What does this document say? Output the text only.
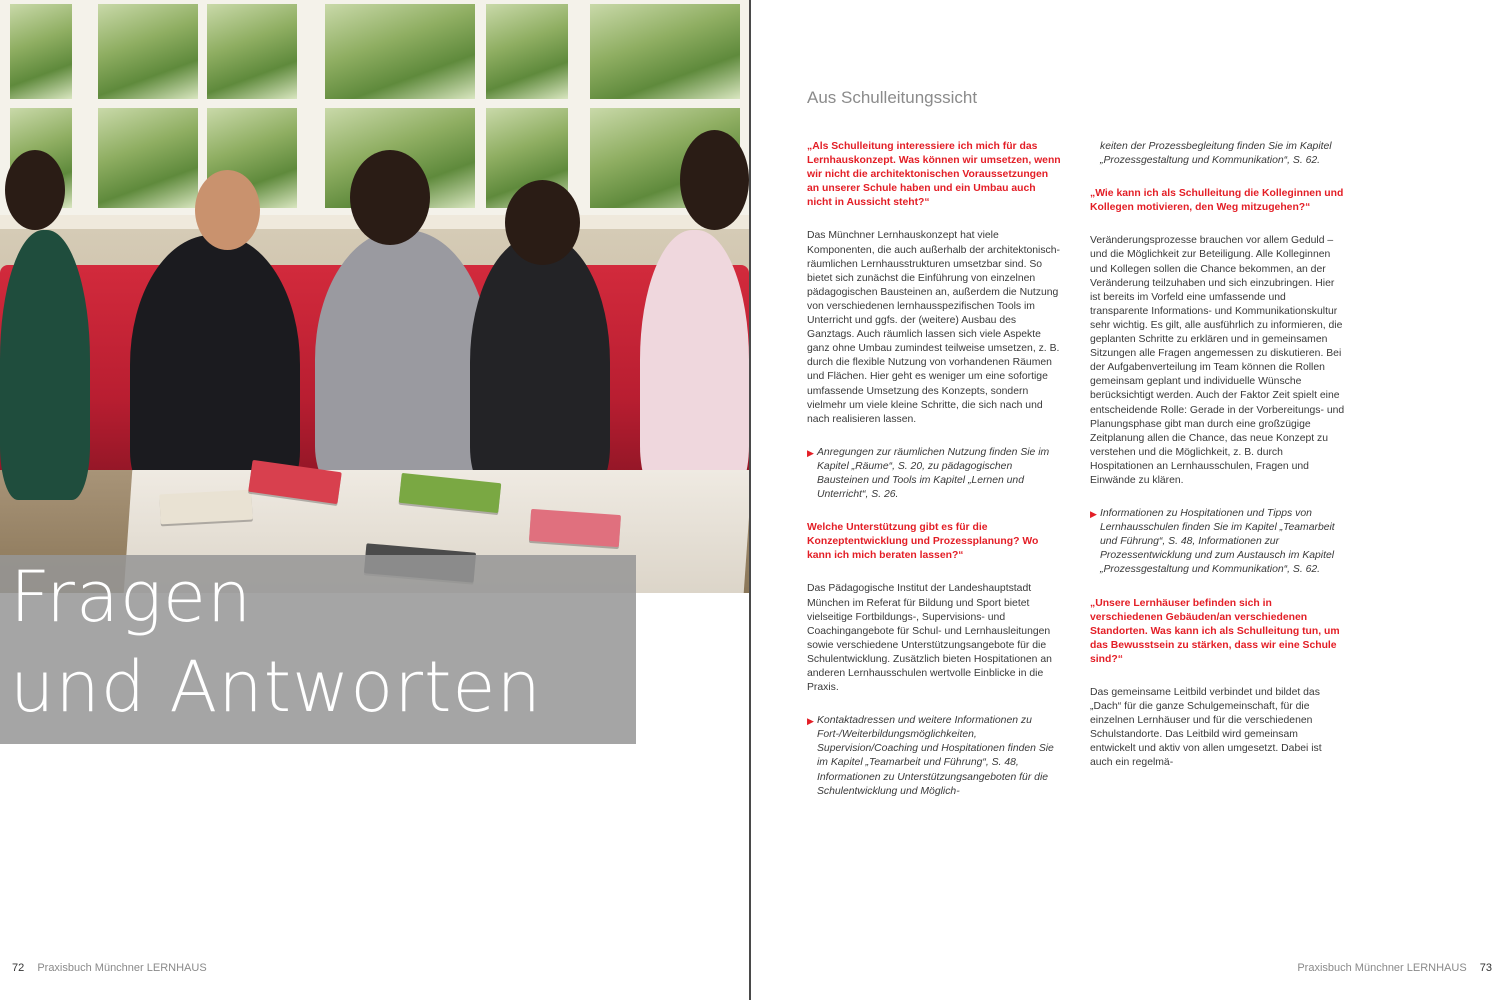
Fragen
und Antworten
72 Praxisbuch Münchner LERNHAUS
Aus Schulleitungssicht

„Als Schulleitung interessiere ich mich für das Lernhauskonzept. Was können wir umsetzen, wenn wir nicht die architektonischen Voraussetzungen an unserer Schule haben und ein Umbau auch nicht in Aussicht steht?“

Das Münchner Lernhauskonzept hat viele Komponenten, die auch außerhalb der architektonisch-räumlichen Lernhausstrukturen umsetzbar sind. So bietet sich zunächst die Einführung von einzelnen pädagogischen Bausteinen an, außerdem die Nutzung von verschiedenen lernhausspezifischen Tools im Unterricht und ggfs. der (weitere) Ausbau des Ganztags. Auch räumlich lassen sich viele Aspekte ganz ohne Umbau zumindest teilweise umsetzen, z. B. durch die flexible Nutzung von vorhandenen Räumen und Flächen. Hier geht es weniger um eine sofortige umfassende Umsetzung des Konzepts, sondern vielmehr um viele kleine Schritte, die sich nach und nach realisieren lassen.

▶ Anregungen zur räumlichen Nutzung finden Sie im Kapitel „Räume“, S. 20, zu pädagogischen Bausteinen und Tools im Kapitel „Lernen und Unterricht“, S. 26.

Welche Unterstützung gibt es für die Konzeptentwicklung und Prozessplanung? Wo kann ich mich beraten lassen?“

Das Pädagogische Institut der Landeshauptstadt München im Referat für Bildung und Sport bietet vielseitige Fortbildungs-, Supervisions- und Coachingangebote für Schul- und Lernhausleitungen sowie verschiedene Unterstützungsangebote für die Schulentwicklung. Zusätzlich bieten Hospitationen an anderen Lernhausschulen wertvolle Einblicke in die Praxis.

▶ Kontaktadressen und weitere Informationen zu Fort-/Weiterbildungsmöglichkeiten, Supervision/Coaching und Hospitationen finden Sie im Kapitel „Teamarbeit und Führung“, S. 48, Informationen zu Unterstützungsangeboten für die Schulentwicklung und Möglich-

keiten der Prozessbegleitung finden Sie im Kapitel „Prozessgestaltung und Kommunikation“, S. 62.

„Wie kann ich als Schulleitung die Kolleginnen und Kollegen motivieren, den Weg mitzugehen?“

Veränderungsprozesse brauchen vor allem Geduld – und die Möglichkeit zur Beteiligung. Alle Kolleginnen und Kollegen sollen die Chance bekommen, an der Veränderung teilzuhaben und sich einzubringen. Hier ist bereits im Vorfeld eine umfassende und transparente Informations- und Kommunikationskultur sehr wichtig. Es gilt, alle ausführlich zu informieren, die geplanten Schritte zu erklären und in gemeinsamen Sitzungen alle Fragen angemessen zu diskutieren. Bei der Aufgabenverteilung im Team können die Rollen gemeinsam geplant und individuelle Wünsche berücksichtigt werden. Auch der Faktor Zeit spielt eine entscheidende Rolle: Gerade in der Vorbereitungs- und Planungsphase gibt man durch eine großzügige Zeitplanung allen die Chance, das neue Konzept zu verstehen und die Möglichkeit, z. B. durch Hospitationen an Lernhausschulen, Fragen und Einwände zu klären.

▶ Informationen zu Hospitationen und Tipps von Lernhausschulen finden Sie im Kapitel „Teamarbeit und Führung“, S. 48, Informationen zur Prozessentwicklung und zum Austausch im Kapitel „Prozessgestaltung und Kommunikation“, S. 62.

„Unsere Lernhäuser befinden sich in verschiedenen Gebäuden/an verschiedenen Standorten. Was kann ich als Schulleitung tun, um das Bewusstsein zu stärken, dass wir eine Schule sind?“

Das gemeinsame Leitbild verbindet und bildet das „Dach“ für die ganze Schulgemeinschaft, für die einzelnen Lernhäuser und für die verschiedenen Schulstandorte. Das Leitbild wird gemeinsam entwickelt und aktiv von allen umgesetzt. Dabei ist auch ein regelmä-

Praxisbuch Münchner LERNHAUS 73
